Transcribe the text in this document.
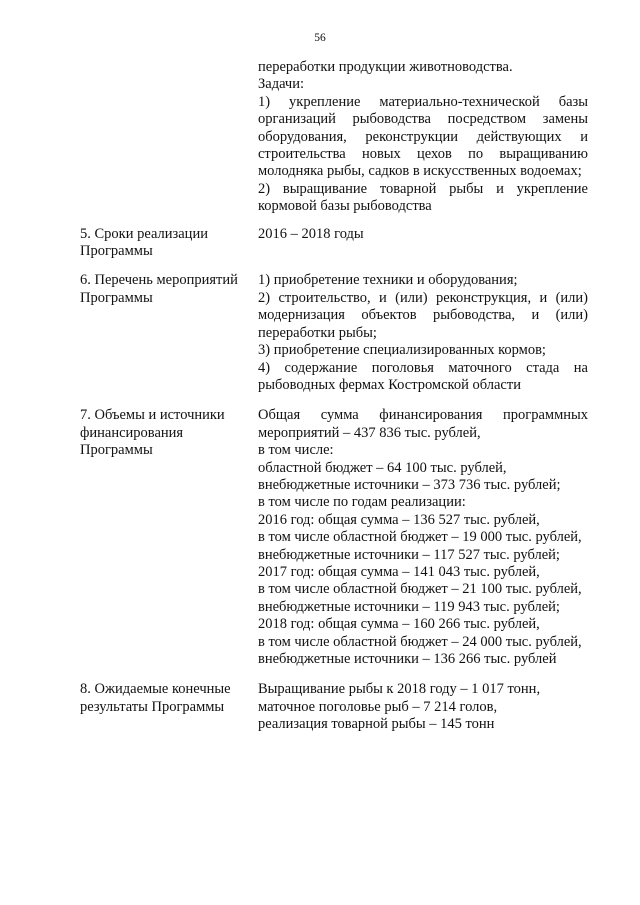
56

переработки продукции животноводства.

Задачи:

1) укрепление материально-технической базы организаций рыбоводства посредством замены оборудования, реконструкции действующих и строительства новых цехов по выращиванию молодняка рыбы, садков в искусственных водоемах;

2) выращивание товарной рыбы и укрепление кормовой базы рыбоводства

5. Сроки реализации Программы

2016 – 2018 годы

6. Перечень мероприятий Программы

1) приобретение техники и оборудования;

2) строительство, и (или) реконструкция, и (или) модернизация объектов рыбоводства, и (или) переработки рыбы;

3) приобретение специализированных кормов;

4) содержание поголовья маточного стада на рыбоводных фермах Костромской области

7. Объемы и источники финансирования Программы

Общая сумма финансирования программных мероприятий – 437 836 тыс. рублей,

в том числе:

областной бюджет – 64 100 тыс. рублей,

внебюджетные источники – 373 736 тыс. рублей;

в том числе по годам реализации:

2016 год: общая сумма – 136 527 тыс. рублей,

в том числе областной бюджет – 19 000 тыс. рублей,

внебюджетные источники – 117 527 тыс. рублей;

2017 год: общая сумма – 141 043 тыс. рублей,

в том числе областной бюджет – 21 100 тыс. рублей,

внебюджетные источники – 119 943 тыс. рублей;

2018 год: общая сумма – 160 266 тыс. рублей,

в том числе областной бюджет – 24 000 тыс. рублей,

внебюджетные источники – 136 266 тыс. рублей

8. Ожидаемые конечные результаты Программы

Выращивание рыбы к 2018 году – 1 017 тонн,

маточное поголовье рыб – 7 214 голов,

реализация товарной рыбы – 145 тонн
